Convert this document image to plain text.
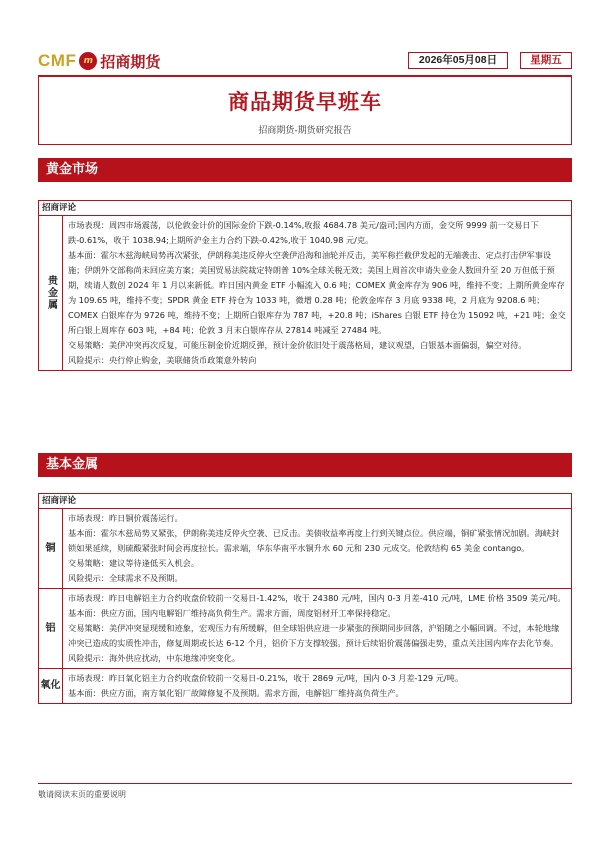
CMF m 招商期货	2026年05月08日	星期五
商品期货早班车
招商期货-期货研究报告
黄金市场
招商评论
贵金属

市场表现：周四市场震荡，以伦敦金计价的国际金价下跌-0.14%,收报 4684.78 美元/盎司;国内方面，金交所 9999 前一交易日下跌-0.61%，收于 1038.94;上期所沪金主力合约下跌-0.42%,收于 1040.98 元/克。

基本面：霍尔木兹海峡局势再次紧张，伊朗称美违反停火空袭伊沿海和油轮并反击，美军称拦截伊发起的无端袭击、定点打击伊军事设施；伊朗外交部称尚未回应美方案；美国贸易法院裁定特朗普 10%全球关税无效；美国上周首次申请失业金人数回升至 20 万但低于预期，续请人数创 2024 年 1 月以来新低。昨日国内黄金 ETF 小幅流入 0.6 吨；COMEX 黄金库存为 906 吨，维持不变；上期所黄金库存为 109.65 吨，维持不变；SPDR 黄金 ETF 持仓为 1033 吨，微增 0.28 吨；伦敦金库存 3 月底 9338 吨，2 月底为 9208.6 吨；COMEX 白银库存为 9726 吨，维持不变；上期所白银库存为 787 吨，+20.8 吨；iShares 白银 ETF 持仓为 15092 吨，+21 吨；金交所白银上周库存 603 吨，+84 吨；伦敦 3 月末白银库存从 27814 吨减至 27484 吨。

交易策略：美伊冲突再次反复，可能压制金价近期反弹，预计金价依旧处于震荡格局，建议观望，白银基本面偏弱，偏空对待。

风险提示：央行停止购金，美联储货币政策意外转向

基本金属
招商评论
铜

市场表现：昨日铜价震荡运行。

基本面：霍尔木兹局势又紧张，伊朗称美违反停火空袭、已反击。美债收益率再度上行到关键点位。供应端，铜矿紧张情况加剧。海峡封锁如果延续，则硫酸紧张时间会再度拉长。需求端，华东华南平水铜升水 60 元和 230 元成交。伦敦结构 65 美金 contango。

交易策略：建议等待逢低买入机会。

风险提示：全球需求不及预期。

铝

市场表现：昨日电解铝主力合约收盘价较前一交易日-1.42%，收于 24380 元/吨，国内 0-3 月差-410 元/吨，LME 价格 3509 美元/吨。

基本面：供应方面，国内电解铝厂维持高负荷生产。需求方面，周度铝材开工率保持稳定。

交易策略：美伊冲突显现缓和迹象，宏观压力有所缓解，但全球铝供应进一步紧张的预期同步回落，沪铝随之小幅回调。不过，本轮地缘冲突已造成的实质性冲击，修复周期或长达 6-12 个月，铝价下方支撑较强。预计后续铝价震荡偏强走势，重点关注国内库存去化节奏。

风险提示：海外供应扰动，中东地缘冲突变化。

氧化

市场表现：昨日氧化铝主力合约收盘价较前一交易日-0.21%，收于 2869 元/吨，国内 0-3 月差-129 元/吨。

基本面：供应方面，南方氧化铝厂故障修复不及预期。需求方面，电解铝厂维持高负荷生产。

敬请阅读末页的重要说明
